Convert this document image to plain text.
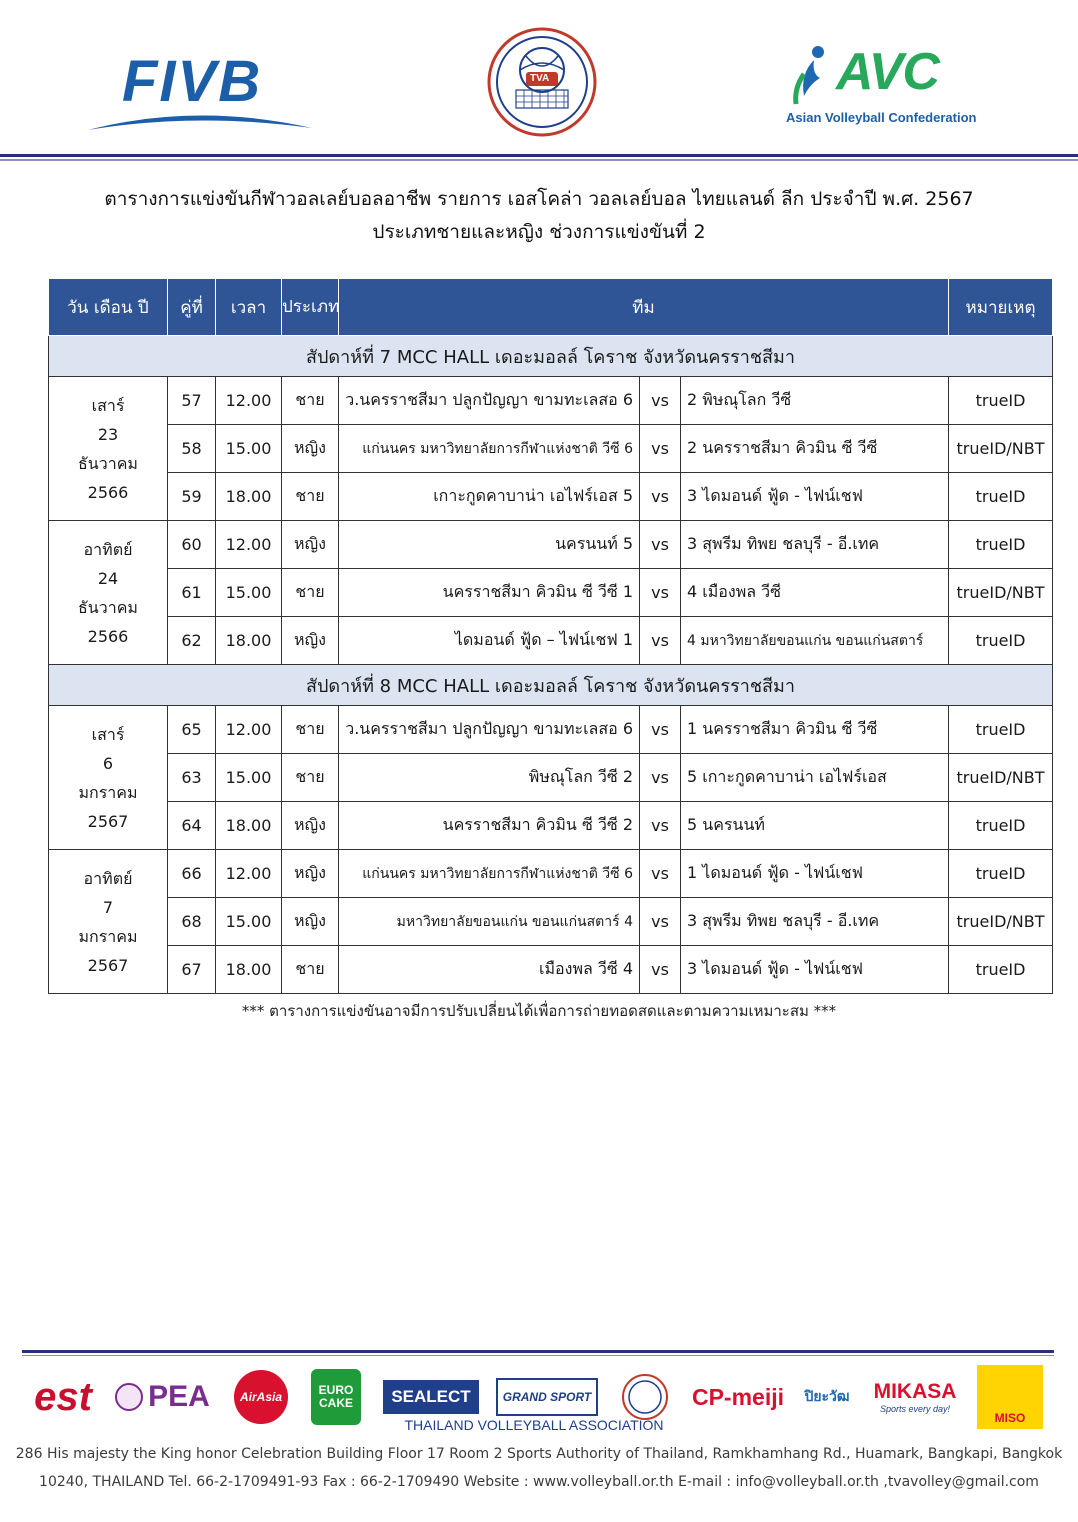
FIVB	TVA	AVC
Asian Volleyball Confederation
ตารางการแข่งขันกีฬาวอลเลย์บอลอาชีพ รายการ เอสโคล่า วอลเลย์บอล ไทยแลนด์ ลีก ประจำปี พ.ศ. 2567
ประเภทชายและหญิง ช่วงการแข่งขันที่ 2
วัน เดือน ปี	คู่ที่	เวลา	ประเภท	ทีม			หมายเหตุ
สัปดาห์ที่ 7 MCC HALL เดอะมอลล์ โคราช จังหวัดนครราชสีมา							

เสาร์
23
ธันวาคม
2566	57	12.00	ชาย	ว.นครราชสีมา ปลูกปัญญา ขามทะเลสอ 6	vs	2 พิษณุโลก วีซี	trueID
	58	15.00	หญิง	แก่นนคร มหาวิทยาลัยการกีฬาแห่งชาติ วีซี 6	vs	2 นครราชสีมา คิวมิน ซี วีซี	trueID/NBT
	59	18.00	ชาย	เกาะกูดคาบาน่า เอไฟร์เอส 5	vs	3 ไดมอนด์ ฟู้ด - ไฟน์เชฟ	trueID

อาทิตย์
24
ธันวาคม
2566	60	12.00	หญิง	นครนนท์ 5	vs	3 สุพรีม ทิพย ชลบุรี - อี.เทค	trueID
	61	15.00	ชาย	นครราชสีมา คิวมิน ซี วีซี 1	vs	4 เมืองพล วีซี	trueID/NBT
	62	18.00	หญิง	ไดมอนด์ ฟู้ด – ไฟน์เชฟ 1	vs	4 มหาวิทยาลัยขอนแก่น ขอนแก่นสตาร์	trueID
สัปดาห์ที่ 8 MCC HALL เดอะมอลล์ โคราช จังหวัดนครราชสีมา							

เสาร์
6
มกราคม
2567	65	12.00	ชาย	ว.นครราชสีมา ปลูกปัญญา ขามทะเลสอ 6	vs	1 นครราชสีมา คิวมิน ซี วีซี	trueID
	63	15.00	ชาย	พิษณุโลก วีซี 2	vs	5 เกาะกูดคาบาน่า เอไฟร์เอส	trueID/NBT
	64	18.00	หญิง	นครราชสีมา คิวมิน ซี วีซี 2	vs	5 นครนนท์	trueID

อาทิตย์
7
มกราคม
2567	66	12.00	หญิง	แก่นนคร มหาวิทยาลัยการกีฬาแห่งชาติ วีซี 6	vs	1 ไดมอนด์ ฟู้ด - ไฟน์เชฟ	trueID
	68	15.00	หญิง	มหาวิทยาลัยขอนแก่น ขอนแก่นสตาร์ 4	vs	3 สุพรีม ทิพย ชลบุรี - อี.เทค	trueID/NBT
	67	18.00	ชาย	เมืองพล วีซี 4	vs	3 ไดมอนด์ ฟู้ด - ไฟน์เชฟ	trueID
*** ตารางการแข่งขันอาจมีการปรับเปลี่ยนได้เพื่อการถ่ายทอดสดและตามความเหมาะสม ***
est PEA	AirAsia	EURO CAKE	SEALECT	GRAND SPORT	CP-meiji	ปิยะวัฒ	MIKASA
Sports every day!
MISO
THAILAND VOLLEYBALL ASSOCIATION
286 His majesty the King honor Celebration Building Floor 17 Room 2 Sports Authority of Thailand, Ramkhamhang Rd., Huamark, Bangkapi, Bangkok
10240, THAILAND Tel. 66-2-1709491-93 Fax : 66-2-1709490 Website : www.volleyball.or.th E-mail : info@volleyball.or.th ,tvavolley@gmail.com
